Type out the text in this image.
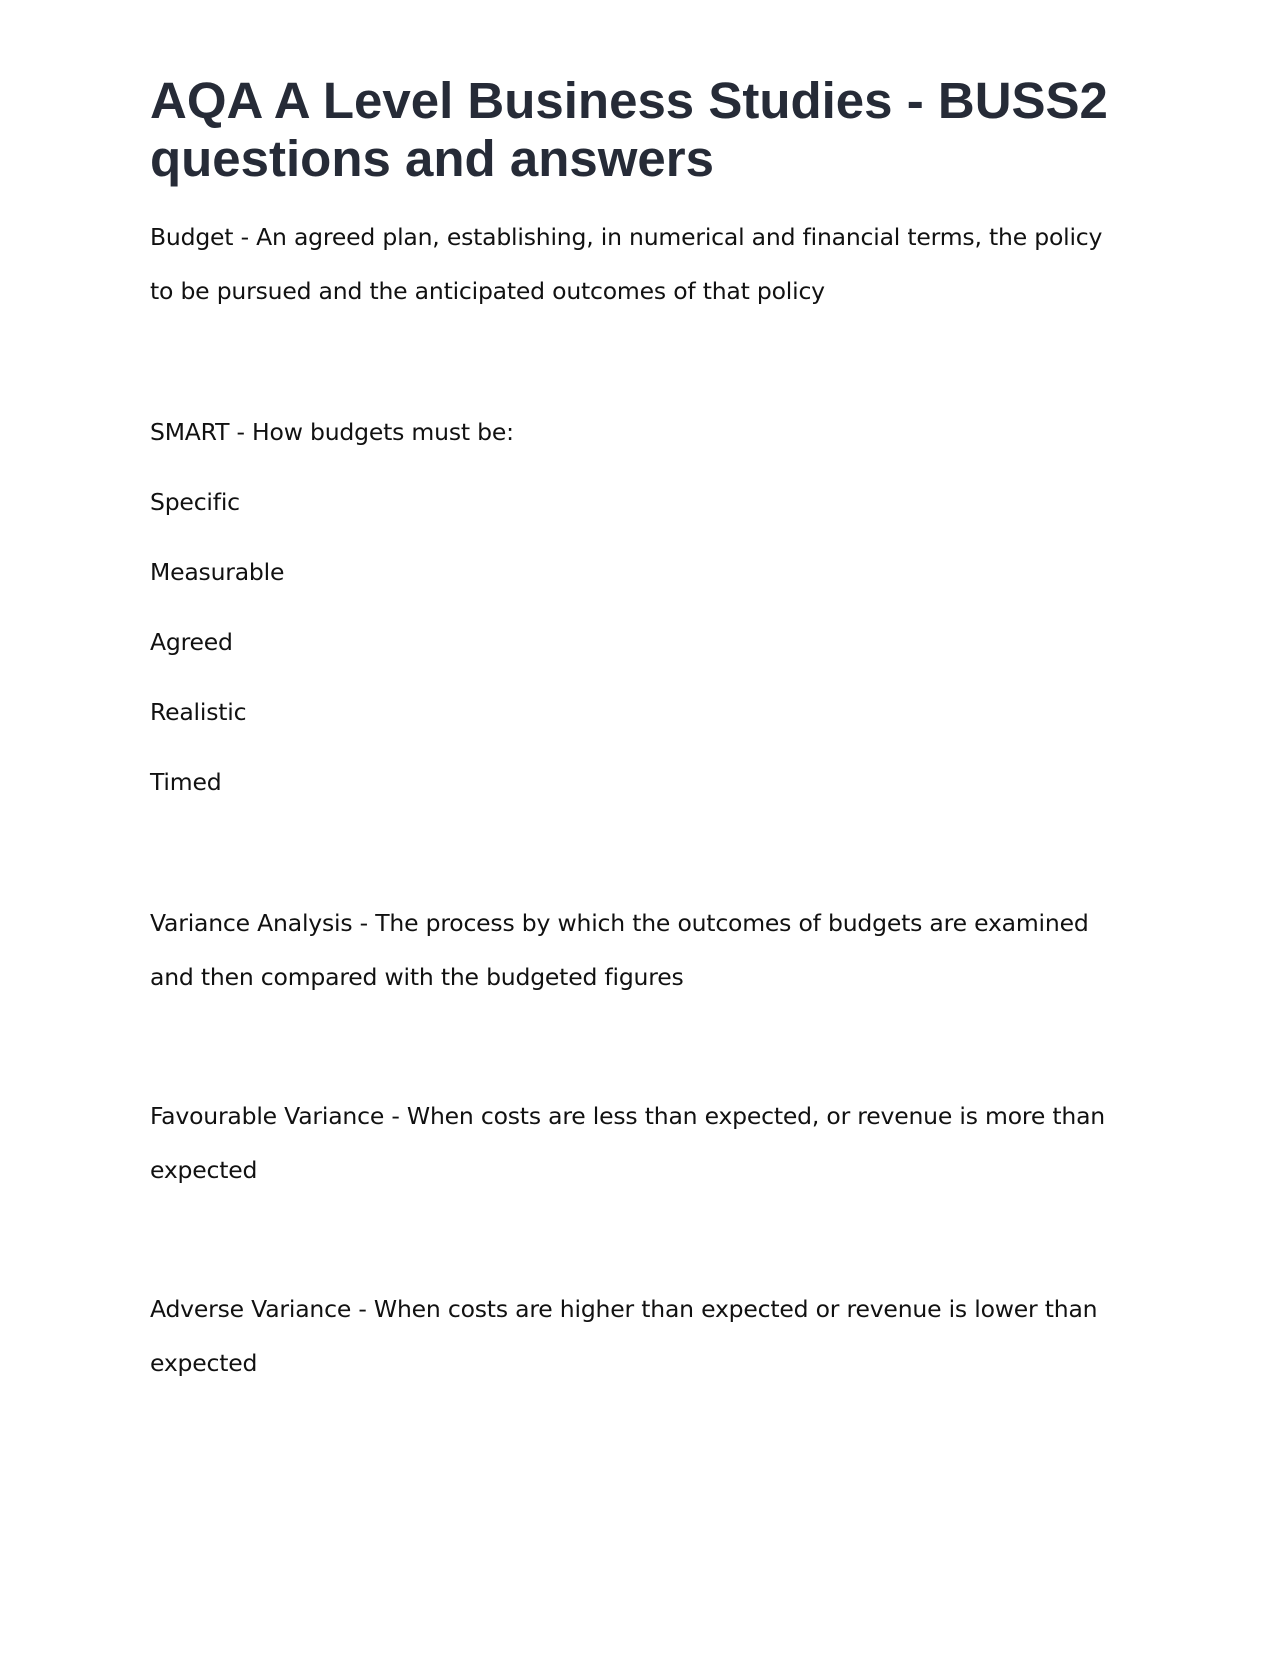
AQA A Level Business Studies - BUSS2 questions and answers

Budget - An agreed plan, establishing, in numerical and financial terms, the policy to be pursued and the anticipated outcomes of that policy

SMART - How budgets must be:

Specific

Measurable

Agreed

Realistic

Timed

Variance Analysis - The process by which the outcomes of budgets are examined and then compared with the budgeted figures

Favourable Variance - When costs are less than expected, or revenue is more than expected

Adverse Variance - When costs are higher than expected or revenue is lower than expected
